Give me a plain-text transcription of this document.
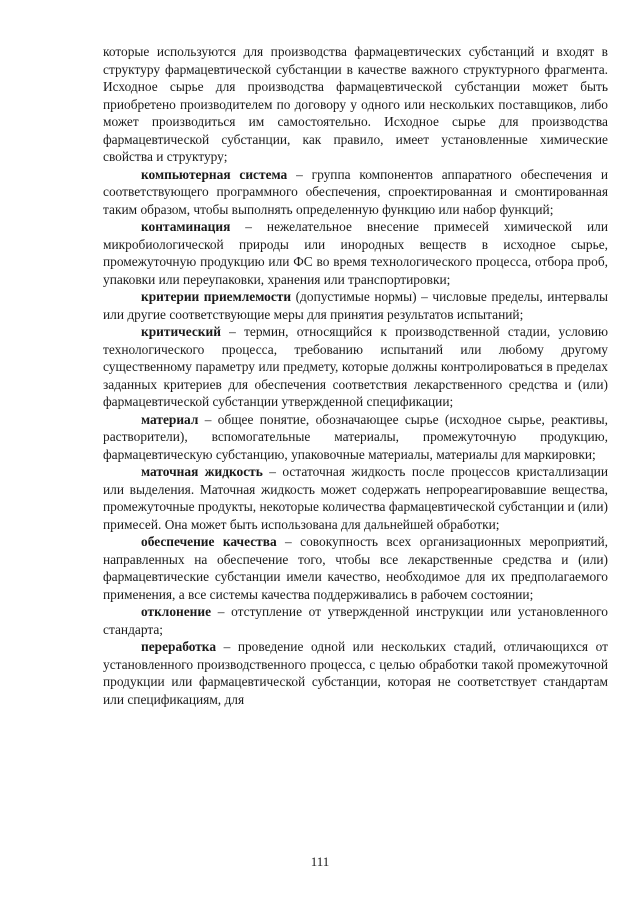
которые используются для производства фармацевтических субстанций и входят в структуру фармацевтической субстанции в качестве важного структурного фрагмента. Исходное сырье для производства фармацевтической субстанции может быть приобретено производителем по договору у одного или нескольких поставщиков, либо может производиться им самостоятельно. Исходное сырье для производства фармацевтической субстанции, как правило, имеет установленные химические свойства и структуру;

компьютерная система – группа компонентов аппаратного обеспечения и соответствующего программного обеспечения, спроектированная и смонтированная таким образом, чтобы выполнять определенную функцию или набор функций;

контаминация – нежелательное внесение примесей химической или микробиологической природы или инородных веществ в исходное сырье, промежуточную продукцию или ФС во время технологического процесса, отбора проб, упаковки или переупаковки, хранения или транспортировки;

критерии приемлемости (допустимые нормы) – числовые пределы, интервалы или другие соответствующие меры для принятия результатов испытаний;

критический – термин, относящийся к производственной стадии, условию технологического процесса, требованию испытаний или любому другому существенному параметру или предмету, которые должны контролироваться в пределах заданных критериев для обеспечения соответствия лекарственного средства и (или) фармацевтической субстанции утвержденной спецификации;

материал – общее понятие, обозначающее сырье (исходное сырье, реактивы, растворители), вспомогательные материалы, промежуточную продукцию, фармацевтическую субстанцию, упаковочные материалы, материалы для маркировки;

маточная жидкость – остаточная жидкость после процессов кристаллизации или выделения. Маточная жидкость может содержать непрореагировавшие вещества, промежуточные продукты, некоторые количества фармацевтической субстанции и (или) примесей. Она может быть использована для дальнейшей обработки;

обеспечение качества – совокупность всех организационных мероприятий, направленных на обеспечение того, чтобы все лекарственные средства и (или) фармацевтические субстанции имели качество, необходимое для их предполагаемого применения, а все системы качества поддерживались в рабочем состоянии;

отклонение – отступление от утвержденной инструкции или установленного стандарта;

переработка – проведение одной или нескольких стадий, отличающихся от установленного производственного процесса, с целью обработки такой промежуточной продукции или фармацевтической субстанции, которая не соответствует стандартам или спецификациям, для

111
